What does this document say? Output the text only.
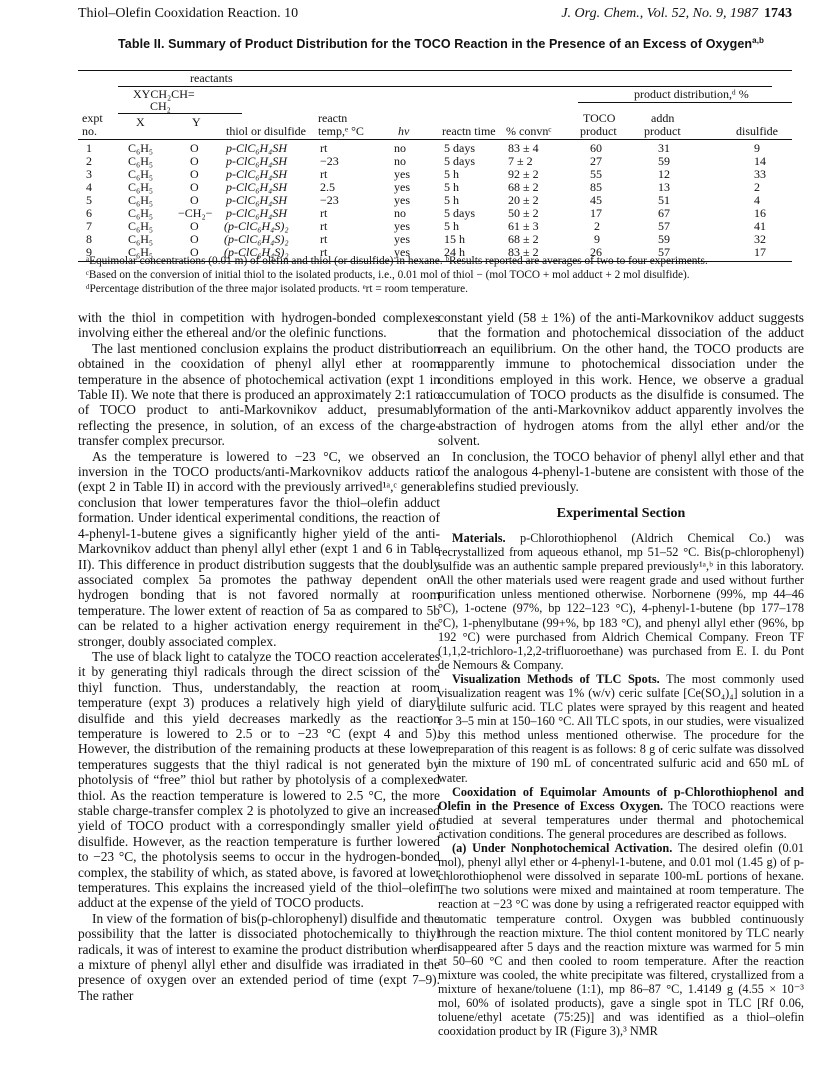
Thiol–Olefin Cooxidation Reaction. 10	J. Org. Chem., Vol. 52, No. 9, 1987 1743
Table II. Summary of Product Distribution for the TOCO Reaction in the Presence of an Excess of Oxygen$^{a,b}$
reactants
XYCH₂CH=
CH₂
product distribution,ᵈ %
expt
no.
X	Y
thiol or disulfide
reactn
temp,ᵉ °C	hν	reactn time % convnᶜ
TOCO
product
addn
product	disulfide
1	C₆H₅	O p-ClC₆H₄SH	rt	no	5 days	83 ± 4	60	31	9
2	C₆H₅	O p-ClC₆H₄SH	−23	no	5 days	7 ± 2	27	59	14
3	C₆H₅	O p-ClC₆H₄SH	rt	yes	5 h	92 ± 2	55	12	33
4	C₆H₅	O p-ClC₆H₄SH	2.5	yes	5 h	68 ± 2	85	13	2
5	C₆H₅	O p-ClC₆H₄SH	−23	yes	5 h	20 ± 2	45	51	4
6	C₆H₅ −CH₂− p-ClC₆H₄SH	rt	no	5 days	50 ± 2	17	67	16
7	C₆H₅	O (p-ClC₆H₄S)₂	rt	yes	5 h	61 ± 3	2	57	41
8	C₆H₅	O (p-ClC₆H₄S)₂	rt	yes	15 h	68 ± 2	9	59	32
9	C₆H₅	O (p-ClC₆H₄S)₂	rt	yes	24 h	83 ± 2	26	57	17

ᵃEquimolar concentrations (0.01 m) of olefin and thiol (or disulfide) in hexane. ᵇResults reported are averages of two to four experiments.

ᶜBased on the conversion of initial thiol to the isolated products, i.e., 0.01 mol of thiol − (mol TOCO + mol adduct + 2 mol disulfide).

ᵈPercentage distribution of the three major isolated products. ᵉrt = room temperature.

with the thiol in competition with hydrogen-bonded complexes involving either the ethereal and/or the olefinic functions.

The last mentioned conclusion explains the product distribution obtained in the cooxidation of phenyl allyl ether at room temperature in the absence of photochemical activation (expt 1 in Table II). We note that there is produced an approximately 2:1 ratio of TOCO product to anti-Markovnikov adduct, presumably reflecting the presence, in solution, of an excess of the charge-transfer complex precursor.

As the temperature is lowered to −23 °C, we observed an inversion in the TOCO products/anti-Markovnikov adducts ratio (expt 2 in Table II) in accord with the previously arrived¹ᵃ,ᶜ general conclusion that lower temperatures favor the thiol–olefin adduct formation. Under identical experimental conditions, the reaction of 4-phenyl-1-butene gives a significantly higher yield of the anti-Markovnikov adduct than phenyl allyl ether (expt 1 and 6 in Table II). This difference in product distribution suggests that the doubly associated complex 5a promotes the pathway dependent on hydrogen bonding that is not favored normally at room temperature. The lower extent of reaction of 5a as compared to 5b can be related to a higher activation energy requirement in the stronger, doubly associated complex.

The use of black light to catalyze the TOCO reaction accelerates it by generating thiyl radicals through the direct scission of the thiyl function. Thus, understandably, the reaction at room temperature (expt 3) produces a relatively high yield of diaryl disulfide and this yield decreases markedly as the reaction temperature is lowered to 2.5 or to −23 °C (expt 4 and 5). However, the distribution of the remaining products at these lower temperatures suggests that the thiyl radical is not generated by photolysis of “free” thiol but rather by photolysis of a complexed thiol. As the reaction temperature is lowered to 2.5 °C, the more stable charge-transfer complex 2 is photolyzed to give an increased yield of TOCO product with a correspondingly smaller yield of disulfide. However, as the reaction temperature is further lowered to −23 °C, the photolysis seems to occur in the hydrogen-bonded complex, the stability of which, as stated above, is favored at lower temperatures. This explains the increased yield of the thiol–olefin adduct at the expense of the yield of TOCO products.

In view of the formation of bis(p-chlorophenyl) disulfide and the possibility that the latter is dissociated photochemically to thiyl radicals, it was of interest to examine the product distribution when a mixture of phenyl allyl ether and disulfide was irradiated in the presence of oxygen over an extended period of time (expt 7–9). The rather

constant yield (58 ± 1%) of the anti-Markovnikov adduct suggests that the formation and photochemical dissociation of the adduct reach an equilibrium. On the other hand, the TOCO products are apparently immune to photochemical dissociation under the conditions employed in this work. Hence, we observe a gradual accumulation of TOCO products as the disulfide is consumed. The formation of the anti-Markovnikov adduct apparently involves the abstraction of hydrogen atoms from the allyl ether and/or the solvent.

In conclusion, the TOCO behavior of phenyl allyl ether and that of the analogous 4-phenyl-1-butene are consistent with those of the olefins studied previously.

Experimental Section

Materials. p-Chlorothiophenol (Aldrich Chemical Co.) was recrystallized from aqueous ethanol, mp 51–52 °C. Bis(p-chlorophenyl) sulfide was an authentic sample prepared previously¹ᵃ,ᵇ in this laboratory. All the other materials used were reagent grade and used without further purification unless mentioned otherwise. Norbornene (99%, mp 44–46 °C), 1-octene (97%, bp 122–123 °C), 4-phenyl-1-butene (bp 177–178 °C), 1-phenylbutane (99+%, bp 183 °C), and phenyl allyl ether (96%, bp 192 °C) were purchased from Aldrich Chemical Company. Freon TF (1,1,2-trichloro-1,2,2-trifluoroethane) was purchased from E. I. du Pont de Nemours & Company.

Visualization Methods of TLC Spots. The most commonly used visualization reagent was 1% (w/v) ceric sulfate [Ce(SO₄)₄] solution in a dilute sulfuric acid. TLC plates were sprayed by this reagent and heated for 3–5 min at 150–160 °C. All TLC spots, in our studies, were visualized by this method unless mentioned otherwise. The procedure for the preparation of this reagent is as follows: 8 g of ceric sulfate was dissolved in the mixture of 190 mL of concentrated sulfuric acid and 650 mL of water.

Cooxidation of Equimolar Amounts of p-Chlorothiophenol and Olefin in the Presence of Excess Oxygen. The TOCO reactions were studied at several temperatures under thermal and photochemical activation conditions. The general procedures are described as follows.

(a) Under Nonphotochemical Activation. The desired olefin (0.01 mol), phenyl allyl ether or 4-phenyl-1-butene, and 0.01 mol (1.45 g) of p-chlorothiophenol were dissolved in separate 100-mL portions of hexane. The two solutions were mixed and maintained at room temperature. The reaction at −23 °C was done by using a refrigerated reactor equipped with automatic temperature control. Oxygen was bubbled continuously through the reaction mixture. The thiol content monitored by TLC nearly disappeared after 5 days and the reaction mixture was warmed for 5 min at 50–60 °C and then cooled to room temperature. After the reaction mixture was cooled, the white precipitate was filtered, crystallized from a mixture of hexane/toluene (1:1), mp 86–87 °C, 1.4149 g (4.55 × 10⁻³ mol, 60% of isolated products), gave a single spot in TLC [Rf 0.06, toluene/ethyl acetate (75:25)] and was identified as a thiol–olefin cooxidation product by IR (Figure 3),³ NMR
